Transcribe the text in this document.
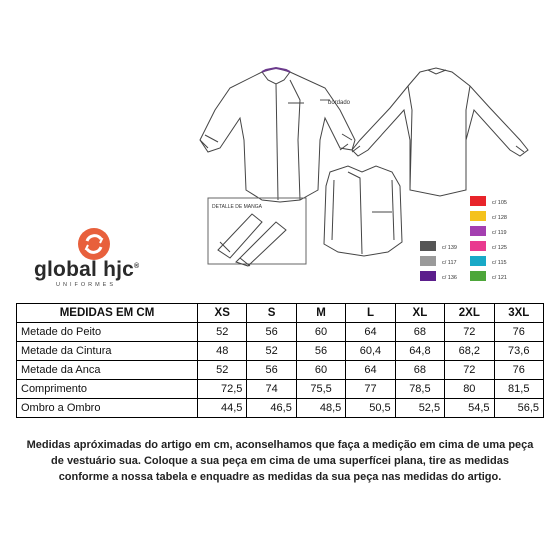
bordado
DETALLE DE MANGA
c/ 139
c/ 117
c/ 136
c/ 105
c/ 128
c/ 119
c/ 125
c/ 115
c/ 121
global hjc®
UNIFORMES
MEDIDAS EM CM	XS	S	M	L	XL	2XL	3XL
Metade do Peito	52	56	60	64	68	72	76
Metade da Cintura	48	52	56	60,4	64,8	68,2	73,6
Metade da Anca	52	56	60	64	68	72	76
Comprimento	72,5	74	75,5	77	78,5	80	81,5
Ombro a Ombro	44,5	46,5	48,5	50,5	52,5	54,5	56,5
Medidas apróximadas do artigo em cm, aconselhamos que faça a medição em cima de uma peça
de vestuário sua. Coloque a sua peça em cima de uma superfícei plana, tire as medidas
conforme a nossa tabela e enquadre as medidas da sua peça nas medidas do artigo.
